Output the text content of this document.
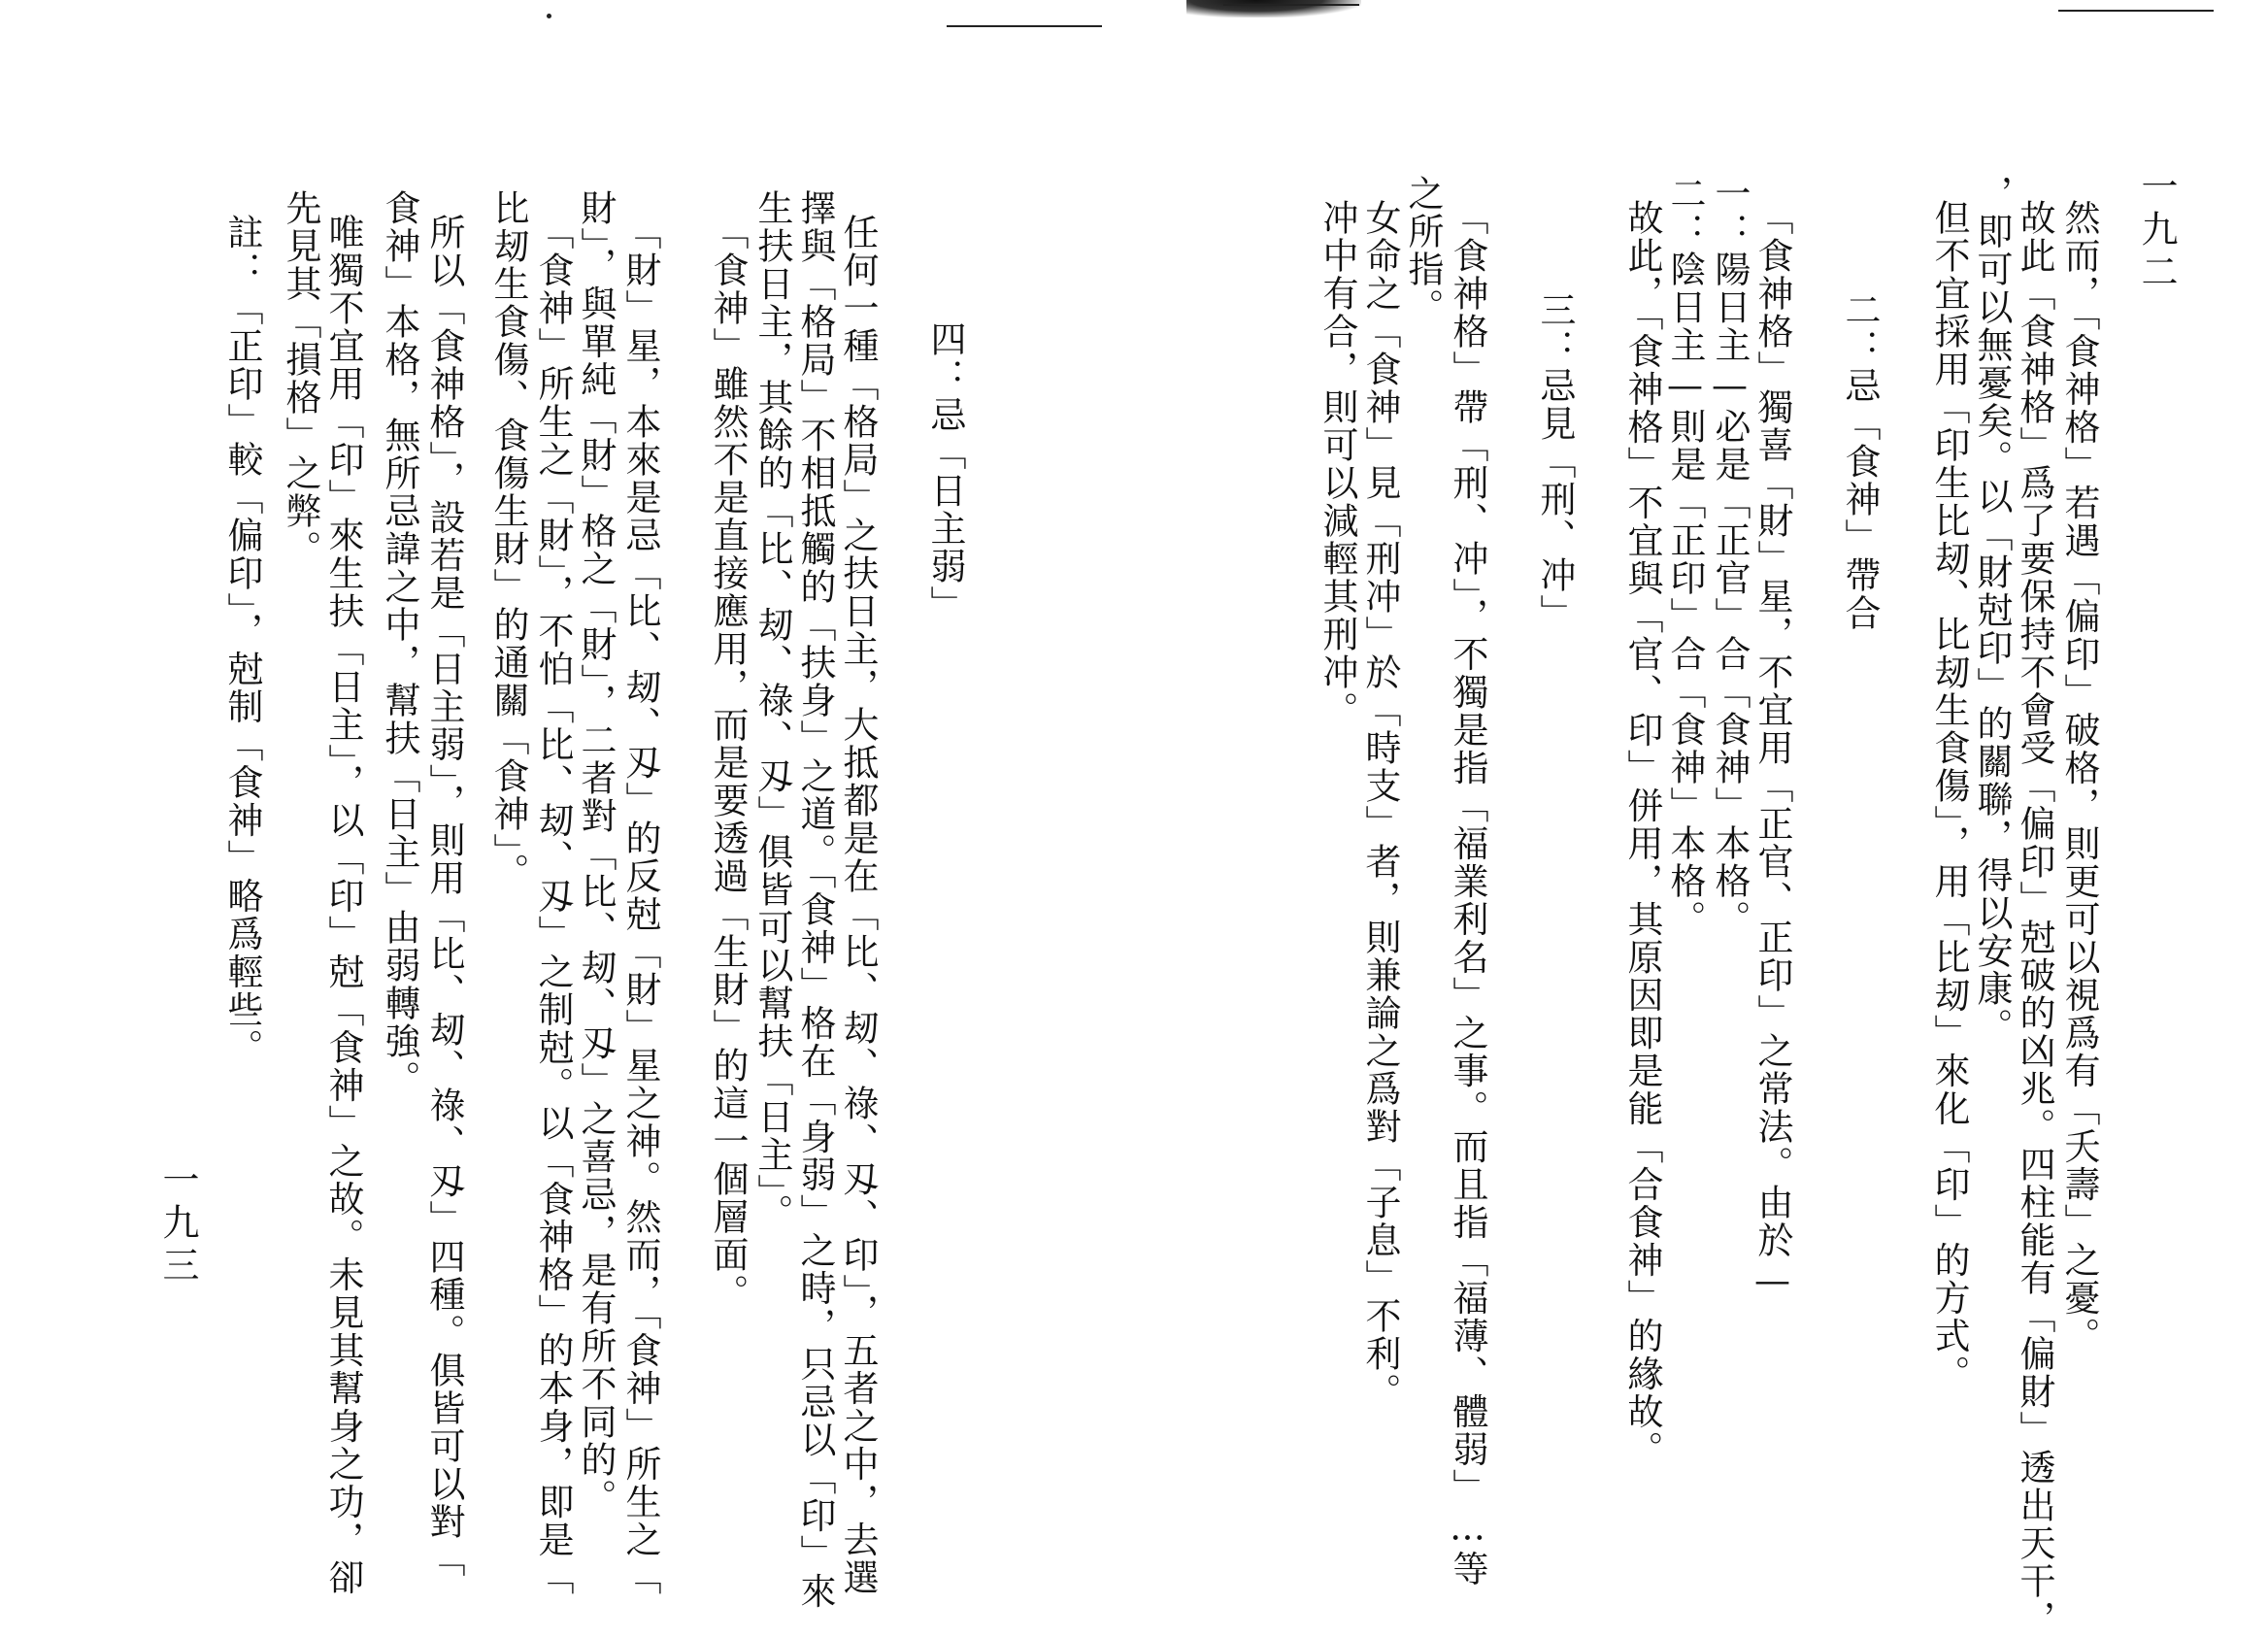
一九二
然而，「食神格」若遇「偏印」破格，則更可以視爲有「夭壽」之憂。
故此「食神格」爲了要保持不會受「偏印」尅破的凶兆。四柱能有「偏財」透出天干，
，即可以無憂矣。以「財尅印」的關聯，得以安康。
但不宜採用「印生比刼、比刼生食傷」，用「比刼」來化「印」的方式。
二：忌「食神」帶合
「食神格」獨喜「財」星，不宜用「正官、正印」之常法。由於—
一：陽日主—必是「正官」合「食神」本格。
二：陰日主—則是「正印」合「食神」本格。
故此，「食神格」不宜與「官、印」併用，其原因即是能「合食神」的緣故。
三：忌見「刑、冲」
「食神格」帶「刑、冲」，不獨是指「福業利名」之事。而且指「福薄、體弱」…等
之所指。
女命之「食神」見「刑冲」於「時支」者，則兼論之爲對「子息」不利。
冲中有合，則可以減輕其刑冲。
四：忌「日主弱」
任何一種「格局」之扶日主，大抵都是在「比、刼、祿、刄、印」，五者之中，去選
擇與「格局」不相抵觸的「扶身」之道。「食神」格在「身弱」之時，只忌以「印」來
生扶日主，其餘的「比、刼、祿、刄」俱皆可以幫扶「日主」。
「食神」雖然不是直接應用，而是要透過「生財」的這一個層面。
「財」星，本來是忌「比、刼、刄」的反尅「財」星之神。然而，「食神」所生之「
財」，與單純「財」格之「財」，二者對「比、刼、刄」之喜忌，是有所不同的。
「食神」所生之「財」，不怕「比、刼、刄」之制尅。以「食神格」的本身，即是「
比刼生食傷、食傷生財」的通關「食神」。
所以「食神格」，設若是「日主弱」，則用「比、刼、祿、刄」四種。俱皆可以對「
食神」本格，無所忌諱之中，幫扶「日主」由弱轉強。
唯獨不宜用「印」來生扶「日主」，以「印」尅「食神」之故。未見其幫身之功，卻
先見其「損格」之弊。
註：「正印」較「偏印」，尅制「食神」略爲輕些。
一九三
